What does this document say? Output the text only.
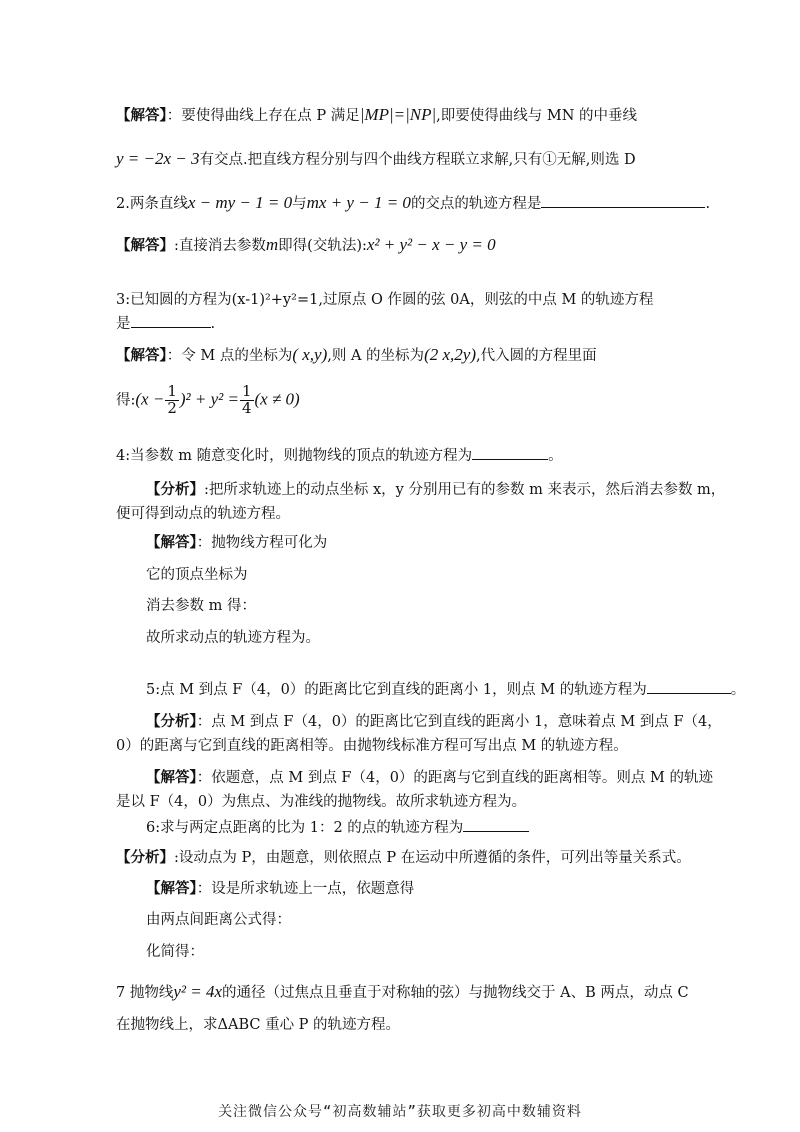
【解答】：要使得曲线上存在点 P 满足|MP|=|NP|,即要使得曲线与 MN 的中垂线
y = −2x − 3有交点.把直线方程分别与四个曲线方程联立求解,只有①无解,则选 D
2.两条直线x − my − 1 = 0与mx + y − 1 = 0的交点的轨迹方程是	.
【解答】:直接消去参数m即得(交轨法):x² + y² − x − y = 0
3:已知圆的方程为(x-1)²+y²=1,过原点 O 作圆的弦 0A，则弦的中点 M 的轨迹方程
是	.
【解答】：令 M 点的坐标为( x,y),则 A 的坐标为(2 x,2y),代入圆的方程里面
得:(x − $\frac{1}{2} )^2 + y^2 = \frac{1}{4} (x \ne 0)$
4:当参数 m 随意变化时，则抛物线的顶点的轨迹方程为	。
【分析】:把所求轨迹上的动点坐标 x，y 分别用已有的参数 m 来表示，然后消去参数 m，
便可得到动点的轨迹方程。
【解答】：抛物线方程可化为
它的顶点坐标为
消去参数 m 得：
故所求动点的轨迹方程为。
5:点 M 到点 F（4，0）的距离比它到直线的距离小 1，则点 M 的轨迹方程为	。
【分析】：点 M 到点 F（4，0）的距离比它到直线的距离小 1，意味着点 M 到点 F（4，
0）的距离与它到直线的距离相等。由抛物线标准方程可写出点 M 的轨迹方程。
【解答】：依题意，点 M 到点 F（4，0）的距离与它到直线的距离相等。则点 M 的轨迹
是以 F（4，0）为焦点、为准线的抛物线。故所求轨迹方程为。
6:求与两定点距离的比为 1：2 的点的轨迹方程为
【分析】:设动点为 P，由题意，则依照点 P 在运动中所遵循的条件，可列出等量关系式。
【解答】：设是所求轨迹上一点，依题意得
由两点间距离公式得：
化简得：
7 抛物线y² = 4x的通径（过焦点且垂直于对称轴的弦）与抛物线交于 A、B 两点，动点 C
在抛物线上，求ΔABC 重心 P 的轨迹方程。
关注微信公众号“初高数辅站”获取更多初高中数辅资料
